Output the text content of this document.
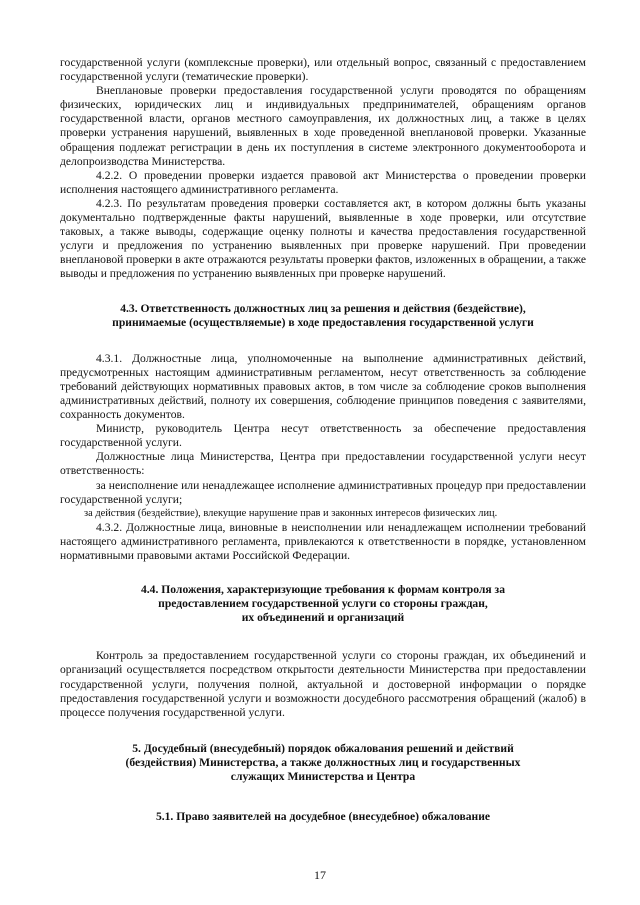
государственной услуги (комплексные проверки), или отдельный вопрос, связанный с предоставлением государственной услуги (тематические проверки).

Внеплановые проверки предоставления государственной услуги проводятся по обращениям физических, юридических лиц и индивидуальных предпринимателей, обращениям органов государственной власти, органов местного самоуправления, их должностных лиц, а также в целях проверки устранения нарушений, выявленных в ходе проведенной внеплановой проверки. Указанные обращения подлежат регистрации в день их поступления в системе электронного документооборота и делопроизводства Министерства.

4.2.2. О проведении проверки издается правовой акт Министерства о проведении проверки исполнения настоящего административного регламента.

4.2.3. По результатам проведения проверки составляется акт, в котором должны быть указаны документально подтвержденные факты нарушений, выявленные в ходе проверки, или отсутствие таковых, а также выводы, содержащие оценку полноты и качества предоставления государственной услуги и предложения по устранению выявленных при проверке нарушений. При проведении внеплановой проверки в акте отражаются результаты проверки фактов, изложенных в обращении, а также выводы и предложения по устранению выявленных при проверке нарушений.

4.3. Ответственность должностных лиц за решения и действия (бездействие),
принимаемые (осуществляемые) в ходе предоставления государственной услуги

4.3.1. Должностные лица, уполномоченные на выполнение административных действий, предусмотренных настоящим административным регламентом, несут ответственность за соблюдение требований действующих нормативных правовых актов, в том числе за соблюдение сроков выполнения административных действий, полноту их совершения, соблюдение принципов поведения с заявителями, сохранность документов.

Министр, руководитель Центра несут ответственность за обеспечение предоставления государственной услуги.

Должностные лица Министерства, Центра при предоставлении государственной услуги несут ответственность:

за неисполнение или ненадлежащее исполнение административных процедур при предоставлении государственной услуги;

за действия (бездействие), влекущие нарушение прав и законных интересов физических лиц.

4.3.2. Должностные лица, виновные в неисполнении или ненадлежащем исполнении требований настоящего административного регламента, привлекаются к ответственности в порядке, установленном нормативными правовыми актами Российской Федерации.

4.4. Положения, характеризующие требования к формам контроля за
предоставлением государственной услуги со стороны граждан,
их объединений и организаций

Контроль за предоставлением государственной услуги со стороны граждан, их объединений и организаций осуществляется посредством открытости деятельности Министерства при предоставлении государственной услуги, получения полной, актуальной и достоверной информации о порядке предоставления государственной услуги и возможности досудебного рассмотрения обращений (жалоб) в процессе получения государственной услуги.

5. Досудебный (внесудебный) порядок обжалования решений и действий
(бездействия) Министерства, а также должностных лиц и государственных
служащих Министерства и Центра
5.1. Право заявителей на досудебное (внесудебное) обжалование
17
